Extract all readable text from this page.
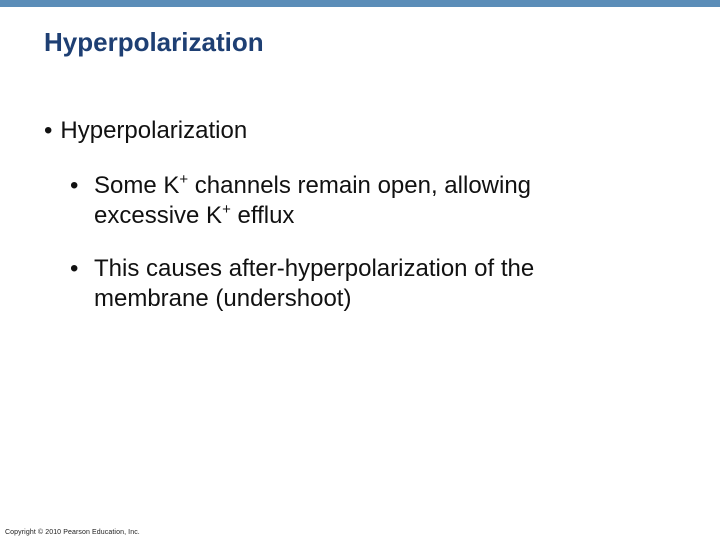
Hyperpolarization
• Hyperpolarization
• Some K+ channels remain open, allowing
excessive K+ efflux
• This causes after-hyperpolarization of the
membrane (undershoot)
Copyright © 2010 Pearson Education, Inc.
